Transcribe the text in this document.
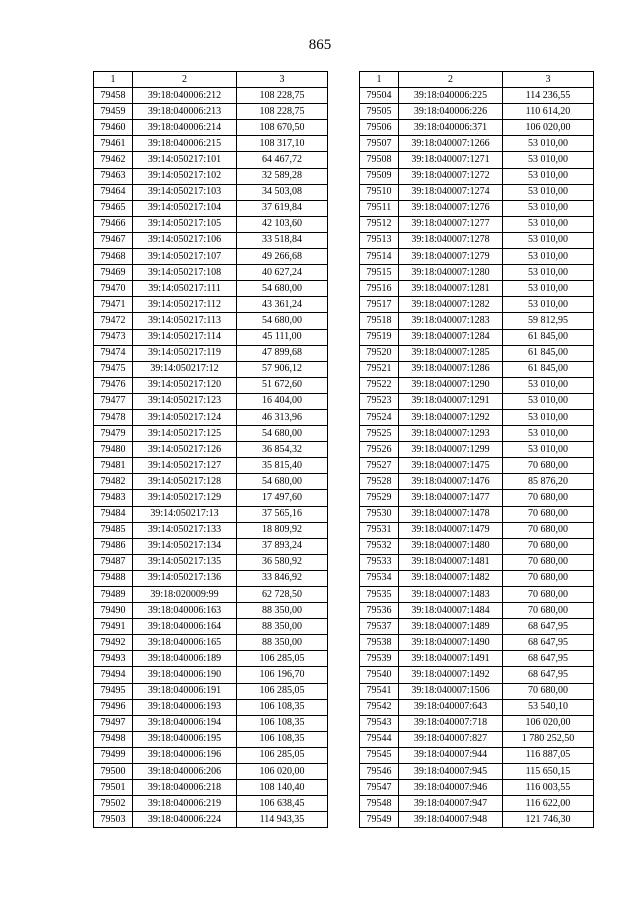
865
1	2	3
79458	39:18:040006:212	108 228,75
79459	39:18:040006:213	108 228,75
79460	39:18:040006:214	108 670,50
79461	39:18:040006:215	108 317,10
79462	39:14:050217:101	64 467,72
79463	39:14:050217:102	32 589,28
79464	39:14:050217:103	34 503,08
79465	39:14:050217:104	37 619,84
79466	39:14:050217:105	42 103,60
79467	39:14:050217:106	33 518,84
79468	39:14:050217:107	49 266,68
79469	39:14:050217:108	40 627,24
79470	39:14:050217:111	54 680,00
79471	39:14:050217:112	43 361,24
79472	39:14:050217:113	54 680,00
79473	39:14:050217:114	45 111,00
79474	39:14:050217:119	47 899,68
79475	39:14:050217:12	57 906,12
79476	39:14:050217:120	51 672,60
79477	39:14:050217:123	16 404,00
79478	39:14:050217:124	46 313,96
79479	39:14:050217:125	54 680,00
79480	39:14:050217:126	36 854,32
79481	39:14:050217:127	35 815,40
79482	39:14:050217:128	54 680,00
79483	39:14:050217:129	17 497,60
79484	39:14:050217:13	37 565,16
79485	39:14:050217:133	18 809,92
79486	39:14:050217:134	37 893,24
79487	39:14:050217:135	36 580,92
79488	39:14:050217:136	33 846,92
79489	39:18:020009:99	62 728,50
79490	39:18:040006:163	88 350,00
79491	39:18:040006:164	88 350,00
79492	39:18:040006:165	88 350,00
79493	39:18:040006:189	106 285,05
79494	39:18:040006:190	106 196,70
79495	39:18:040006:191	106 285,05
79496	39:18:040006:193	106 108,35
79497	39:18:040006:194	106 108,35
79498	39:18:040006:195	106 108,35
79499	39:18:040006:196	106 285,05
79500	39:18:040006:206	106 020,00
79501	39:18:040006:218	108 140,40
79502	39:18:040006:219	106 638,45
79503	39:18:040006:224	114 943,35
1	2	3
79504	39:18:040006:225	114 236,55
79505	39:18:040006:226	110 614,20
79506	39:18:040006:371	106 020,00
79507	39:18:040007:1266	53 010,00
79508	39:18:040007:1271	53 010,00
79509	39:18:040007:1272	53 010,00
79510	39:18:040007:1274	53 010,00
79511	39:18:040007:1276	53 010,00
79512	39:18:040007:1277	53 010,00
79513	39:18:040007:1278	53 010,00
79514	39:18:040007:1279	53 010,00
79515	39:18:040007:1280	53 010,00
79516	39:18:040007:1281	53 010,00
79517	39:18:040007:1282	53 010,00
79518	39:18:040007:1283	59 812,95
79519	39:18:040007:1284	61 845,00
79520	39:18:040007:1285	61 845,00
79521	39:18:040007:1286	61 845,00
79522	39:18:040007:1290	53 010,00
79523	39:18:040007:1291	53 010,00
79524	39:18:040007:1292	53 010,00
79525	39:18:040007:1293	53 010,00
79526	39:18:040007:1299	53 010,00
79527	39:18:040007:1475	70 680,00
79528	39:18:040007:1476	85 876,20
79529	39:18:040007:1477	70 680,00
79530	39:18:040007:1478	70 680,00
79531	39:18:040007:1479	70 680,00
79532	39:18:040007:1480	70 680,00
79533	39:18:040007:1481	70 680,00
79534	39:18:040007:1482	70 680,00
79535	39:18:040007:1483	70 680,00
79536	39:18:040007:1484	70 680,00
79537	39:18:040007:1489	68 647,95
79538	39:18:040007:1490	68 647,95
79539	39:18:040007:1491	68 647,95
79540	39:18:040007:1492	68 647,95
79541	39:18:040007:1506	70 680,00
79542	39:18:040007:643	53 540,10
79543	39:18:040007:718	106 020,00
79544	39:18:040007:827	1 780 252,50
79545	39:18:040007:944	116 887,05
79546	39:18:040007:945	115 650,15
79547	39:18:040007:946	116 003,55
79548	39:18:040007:947	116 622,00
79549	39:18:040007:948	121 746,30
